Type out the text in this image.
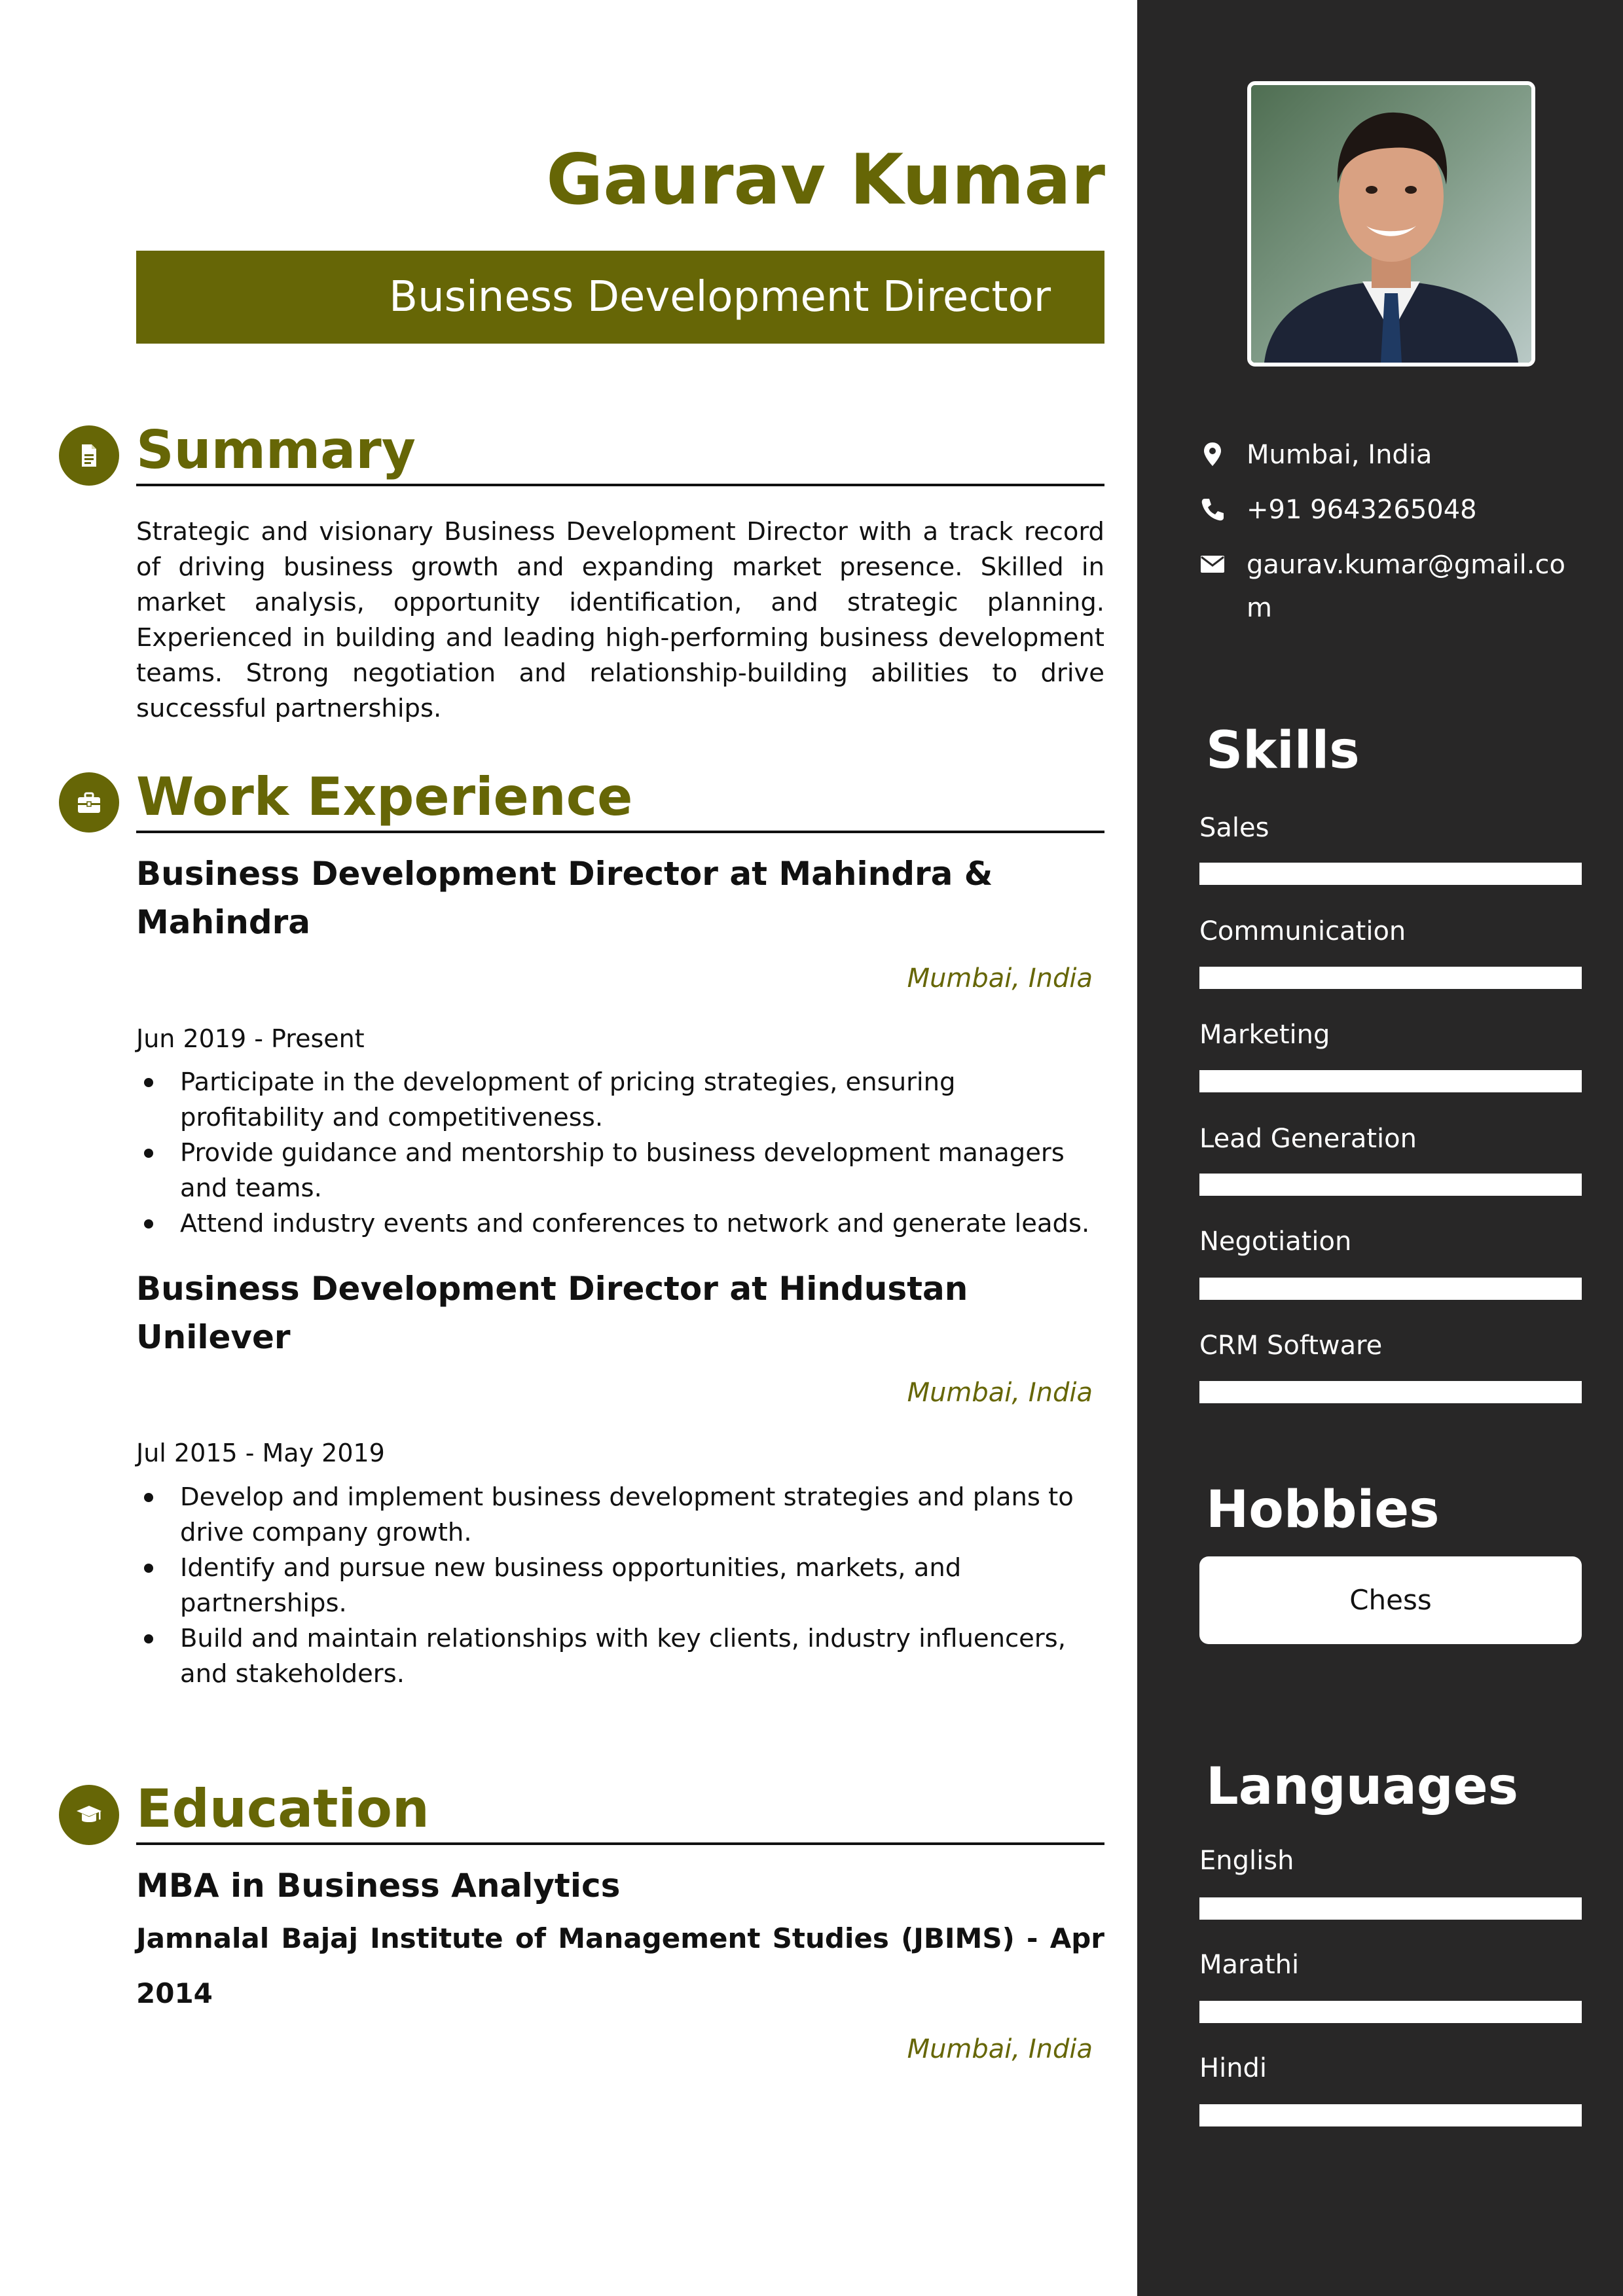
Gaurav Kumar
Business Development Director
Summary
Strategic and visionary Business Development Director with a track record of driving business growth and expanding market presence. Skilled in market analysis, opportunity identification, and strategic planning. Experienced in building and leading high-performing business development teams. Strong negotiation and relationship-building abilities to drive successful partnerships.
Work Experience
Business Development Director at Mahindra & Mahindra
Mumbai, India
Jun 2019 - Present
Participate in the development of pricing strategies, ensuring profitability and competitiveness.
Provide guidance and mentorship to business development managers and teams.
Attend industry events and conferences to network and generate leads.
Business Development Director at Hindustan Unilever
Mumbai, India
Jul 2015 - May 2019
Develop and implement business development strategies and plans to drive company growth.
Identify and pursue new business opportunities, markets, and partnerships.
Build and maintain relationships with key clients, industry influencers, and stakeholders.
Education
MBA in Business Analytics
Jamnalal Bajaj Institute of Management Studies (JBIMS) - Apr 2014
Mumbai, India
Mumbai, India
+91 9643265048
gaurav.kumar@gmail.com
Skills
Sales
Communication
Marketing
Lead Generation
Negotiation
CRM Software
Hobbies
Chess
Languages
English
Marathi
Hindi
